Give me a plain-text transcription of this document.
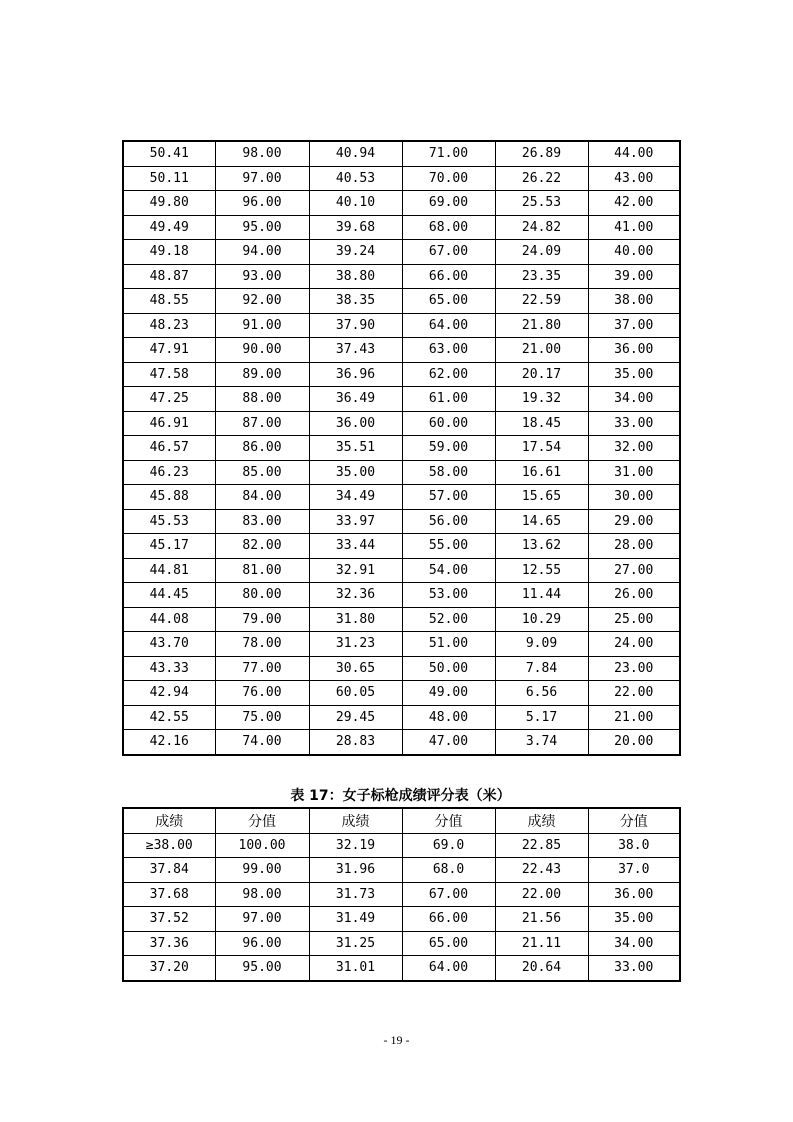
50.41	98.00	40.94	71.00	26.89	44.00
50.11	97.00	40.53	70.00	26.22	43.00
49.80	96.00	40.10	69.00	25.53	42.00
49.49	95.00	39.68	68.00	24.82	41.00
49.18	94.00	39.24	67.00	24.09	40.00
48.87	93.00	38.80	66.00	23.35	39.00
48.55	92.00	38.35	65.00	22.59	38.00
48.23	91.00	37.90	64.00	21.80	37.00
47.91	90.00	37.43	63.00	21.00	36.00
47.58	89.00	36.96	62.00	20.17	35.00
47.25	88.00	36.49	61.00	19.32	34.00
46.91	87.00	36.00	60.00	18.45	33.00
46.57	86.00	35.51	59.00	17.54	32.00
46.23	85.00	35.00	58.00	16.61	31.00
45.88	84.00	34.49	57.00	15.65	30.00
45.53	83.00	33.97	56.00	14.65	29.00
45.17	82.00	33.44	55.00	13.62	28.00
44.81	81.00	32.91	54.00	12.55	27.00
44.45	80.00	32.36	53.00	11.44	26.00
44.08	79.00	31.80	52.00	10.29	25.00
43.70	78.00	31.23	51.00	9.09	24.00
43.33	77.00	30.65	50.00	7.84	23.00
42.94	76.00	60.05	49.00	6.56	22.00
42.55	75.00	29.45	48.00	5.17	21.00
42.16	74.00	28.83	47.00	3.74	20.00
表 17：女子标枪成绩评分表（米）
成绩	分值	成绩	分值	成绩	分值
≥38.00	100.00	32.19	69.0	22.85	38.0
37.84	99.00	31.96	68.0	22.43	37.0
37.68	98.00	31.73	67.00	22.00	36.00
37.52	97.00	31.49	66.00	21.56	35.00
37.36	96.00	31.25	65.00	21.11	34.00
37.20	95.00	31.01	64.00	20.64	33.00
- 19 -
